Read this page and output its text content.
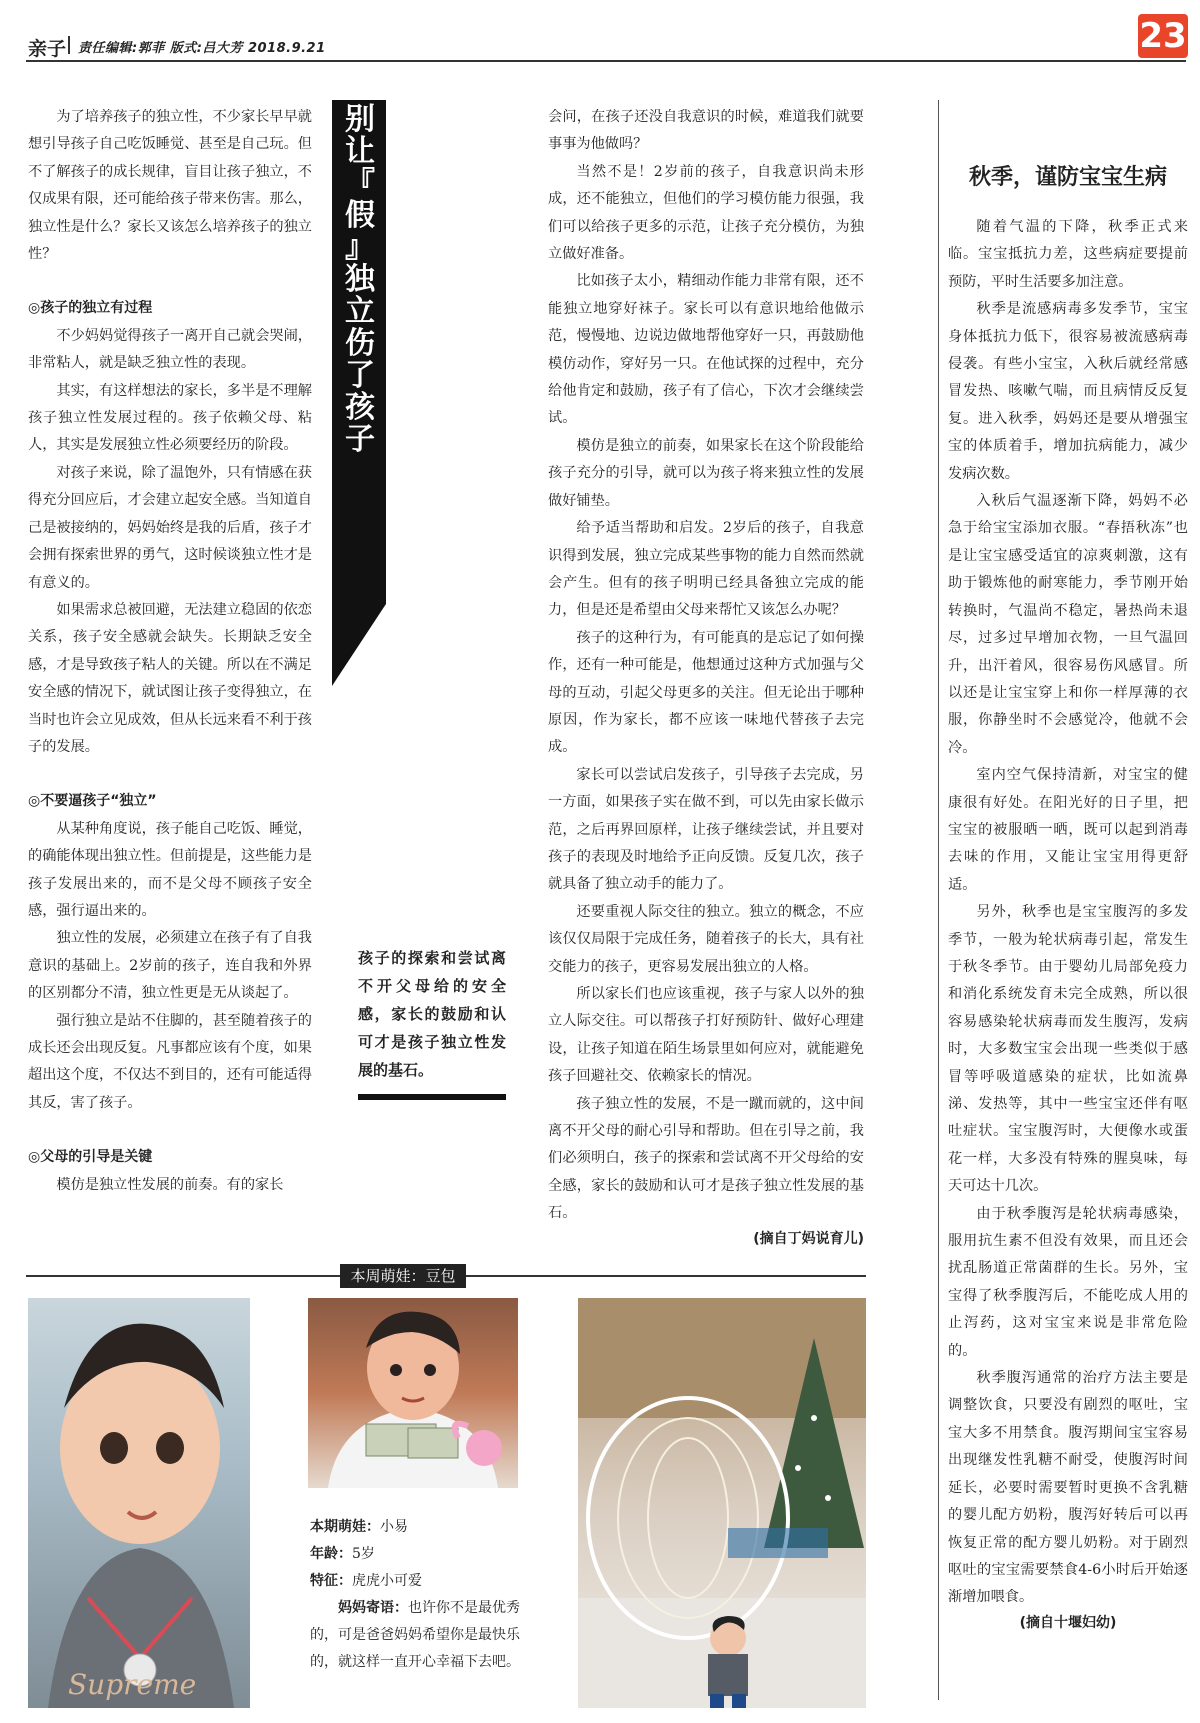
亲子 责任编辑:郭菲 版式:吕大芳 2018.9.21	23
别
让
『
假
』
独
立
伤
了
孩
子

为了培养孩子的独立性，不少家长早早就想引导孩子自己吃饭睡觉、甚至是自己玩。但不了解孩子的成长规律，盲目让孩子独立，不仅成果有限，还可能给孩子带来伤害。那么，独立性是什么？家长又该怎么培养孩子的独立性？

◎孩子的独立有过程

不少妈妈觉得孩子一离开自己就会哭闹，非常粘人，就是缺乏独立性的表现。

其实，有这样想法的家长，多半是不理解孩子独立性发展过程的。孩子依赖父母、粘人，其实是发展独立性必须要经历的阶段。

对孩子来说，除了温饱外，只有情感在获得充分回应后，才会建立起安全感。当知道自己是被接纳的，妈妈始终是我的后盾，孩子才会拥有探索世界的勇气，这时候谈独立性才是有意义的。

如果需求总被回避，无法建立稳固的依恋关系，孩子安全感就会缺失。长期缺乏安全感，才是导致孩子粘人的关键。所以在不满足安全感的情况下，就试图让孩子变得独立，在当时也许会立见成效，但从长远来看不利于孩子的发展。

◎不要逼孩子“独立”

从某种角度说，孩子能自己吃饭、睡觉，的确能体现出独立性。但前提是，这些能力是孩子发展出来的，而不是父母不顾孩子安全感，强行逼出来的。

独立性的发展，必须建立在孩子有了自我意识的基础上。2岁前的孩子，连自我和外界的区别都分不清，独立性更是无从谈起了。

强行独立是站不住脚的，甚至随着孩子的成长还会出现反复。凡事都应该有个度，如果超出这个度，不仅达不到目的，还有可能适得其反，害了孩子。

◎父母的引导是关键

模仿是独立性发展的前奏。有的家长

会问，在孩子还没自我意识的时候，难道我们就要事事为他做吗？

当然不是！2岁前的孩子，自我意识尚未形成，还不能独立，但他们的学习模仿能力很强，我们可以给孩子更多的示范，让孩子充分模仿，为独立做好准备。

比如孩子太小，精细动作能力非常有限，还不能独立地穿好袜子。家长可以有意识地给他做示范，慢慢地、边说边做地帮他穿好一只，再鼓励他模仿动作，穿好另一只。在他试探的过程中，充分给他肯定和鼓励，孩子有了信心，下次才会继续尝试。

模仿是独立的前奏，如果家长在这个阶段能给孩子充分的引导，就可以为孩子将来独立性的发展做好铺垫。

给予适当帮助和启发。2岁后的孩子，自我意识得到发展，独立完成某些事物的能力自然而然就会产生。但有的孩子明明已经具备独立完成的能力，但是还是希望由父母来帮忙又该怎么办呢？

孩子的这种行为，有可能真的是忘记了如何操作，还有一种可能是，他想通过这种方式加强与父母的互动，引起父母更多的关注。但无论出于哪种原因，作为家长，都不应该一味地代替孩子去完成。

家长可以尝试启发孩子，引导孩子去完成，另一方面，如果孩子实在做不到，可以先由家长做示范，之后再界回原样，让孩子继续尝试，并且要对孩子的表现及时地给予正向反馈。反复几次，孩子就具备了独立动手的能力了。

还要重视人际交往的独立。独立的概念，不应该仅仅局限于完成任务，随着孩子的长大，具有社交能力的孩子，更容易发展出独立的人格。

所以家长们也应该重视，孩子与家人以外的独立人际交往。可以帮孩子打好预防针、做好心理建设，让孩子知道在陌生场景里如何应对，就能避免孩子回避社交、依赖家长的情况。

孩子独立性的发展，不是一蹴而就的，这中间离不开父母的耐心引导和帮助。但在引导之前，我们必须明白，孩子的探索和尝试离不开父母给的安全感，家长的鼓励和认可才是孩子独立性发展的基石。

(摘自丁妈说育儿)

孩子的探索和尝试离不开父母给的安全感，家长的鼓励和认可才是孩子独立性发展的基石。
秋季，谨防宝宝生病

随着气温的下降，秋季正式来临。宝宝抵抗力差，这些病症要提前预防，平时生活要多加注意。

秋季是流感病毒多发季节，宝宝身体抵抗力低下，很容易被流感病毒侵袭。有些小宝宝，入秋后就经常感冒发热、咳嗽气喘，而且病情反反复复。进入秋季，妈妈还是要从增强宝宝的体质着手，增加抗病能力，减少发病次数。

入秋后气温逐渐下降，妈妈不必急于给宝宝添加衣服。“春捂秋冻”也是让宝宝感受适宜的凉爽刺激，这有助于锻炼他的耐寒能力，季节刚开始转换时，气温尚不稳定，暑热尚未退尽，过多过早增加衣物，一旦气温回升，出汗着风，很容易伤风感冒。所以还是让宝宝穿上和你一样厚薄的衣服，你静坐时不会感觉冷，他就不会冷。

室内空气保持清新，对宝宝的健康很有好处。在阳光好的日子里，把宝宝的被服晒一晒，既可以起到消毒去味的作用，又能让宝宝用得更舒适。

另外，秋季也是宝宝腹泻的多发季节，一般为轮状病毒引起，常发生于秋冬季节。由于婴幼儿局部免疫力和消化系统发育未完全成熟，所以很容易感染轮状病毒而发生腹泻，发病时，大多数宝宝会出现一些类似于感冒等呼吸道感染的症状，比如流鼻涕、发热等，其中一些宝宝还伴有呕吐症状。宝宝腹泻时，大便像水或蛋花一样，大多没有特殊的腥臭味，每天可达十几次。

由于秋季腹泻是轮状病毒感染，服用抗生素不但没有效果，而且还会扰乱肠道正常菌群的生长。另外，宝宝得了秋季腹泻后，不能吃成人用的止泻药，这对宝宝来说是非常危险的。

秋季腹泻通常的治疗方法主要是调整饮食，只要没有剧烈的呕吐，宝宝大多不用禁食。腹泻期间宝宝容易出现继发性乳糖不耐受，使腹泻时间延长，必要时需要暂时更换不含乳糖的婴儿配方奶粉，腹泻好转后可以再恢复正常的配方婴儿奶粉。对于剧烈呕吐的宝宝需要禁食4-6小时后开始逐渐增加喂食。

(摘自十堰妇幼)

本周萌娃：豆包
Supreme
本期萌娃：小易
年龄：5岁
特征：虎虎小可爱
妈妈寄语：也许你不是最优秀的，可是爸爸妈妈希望你是最快乐的，就这样一直开心幸福下去吧。
